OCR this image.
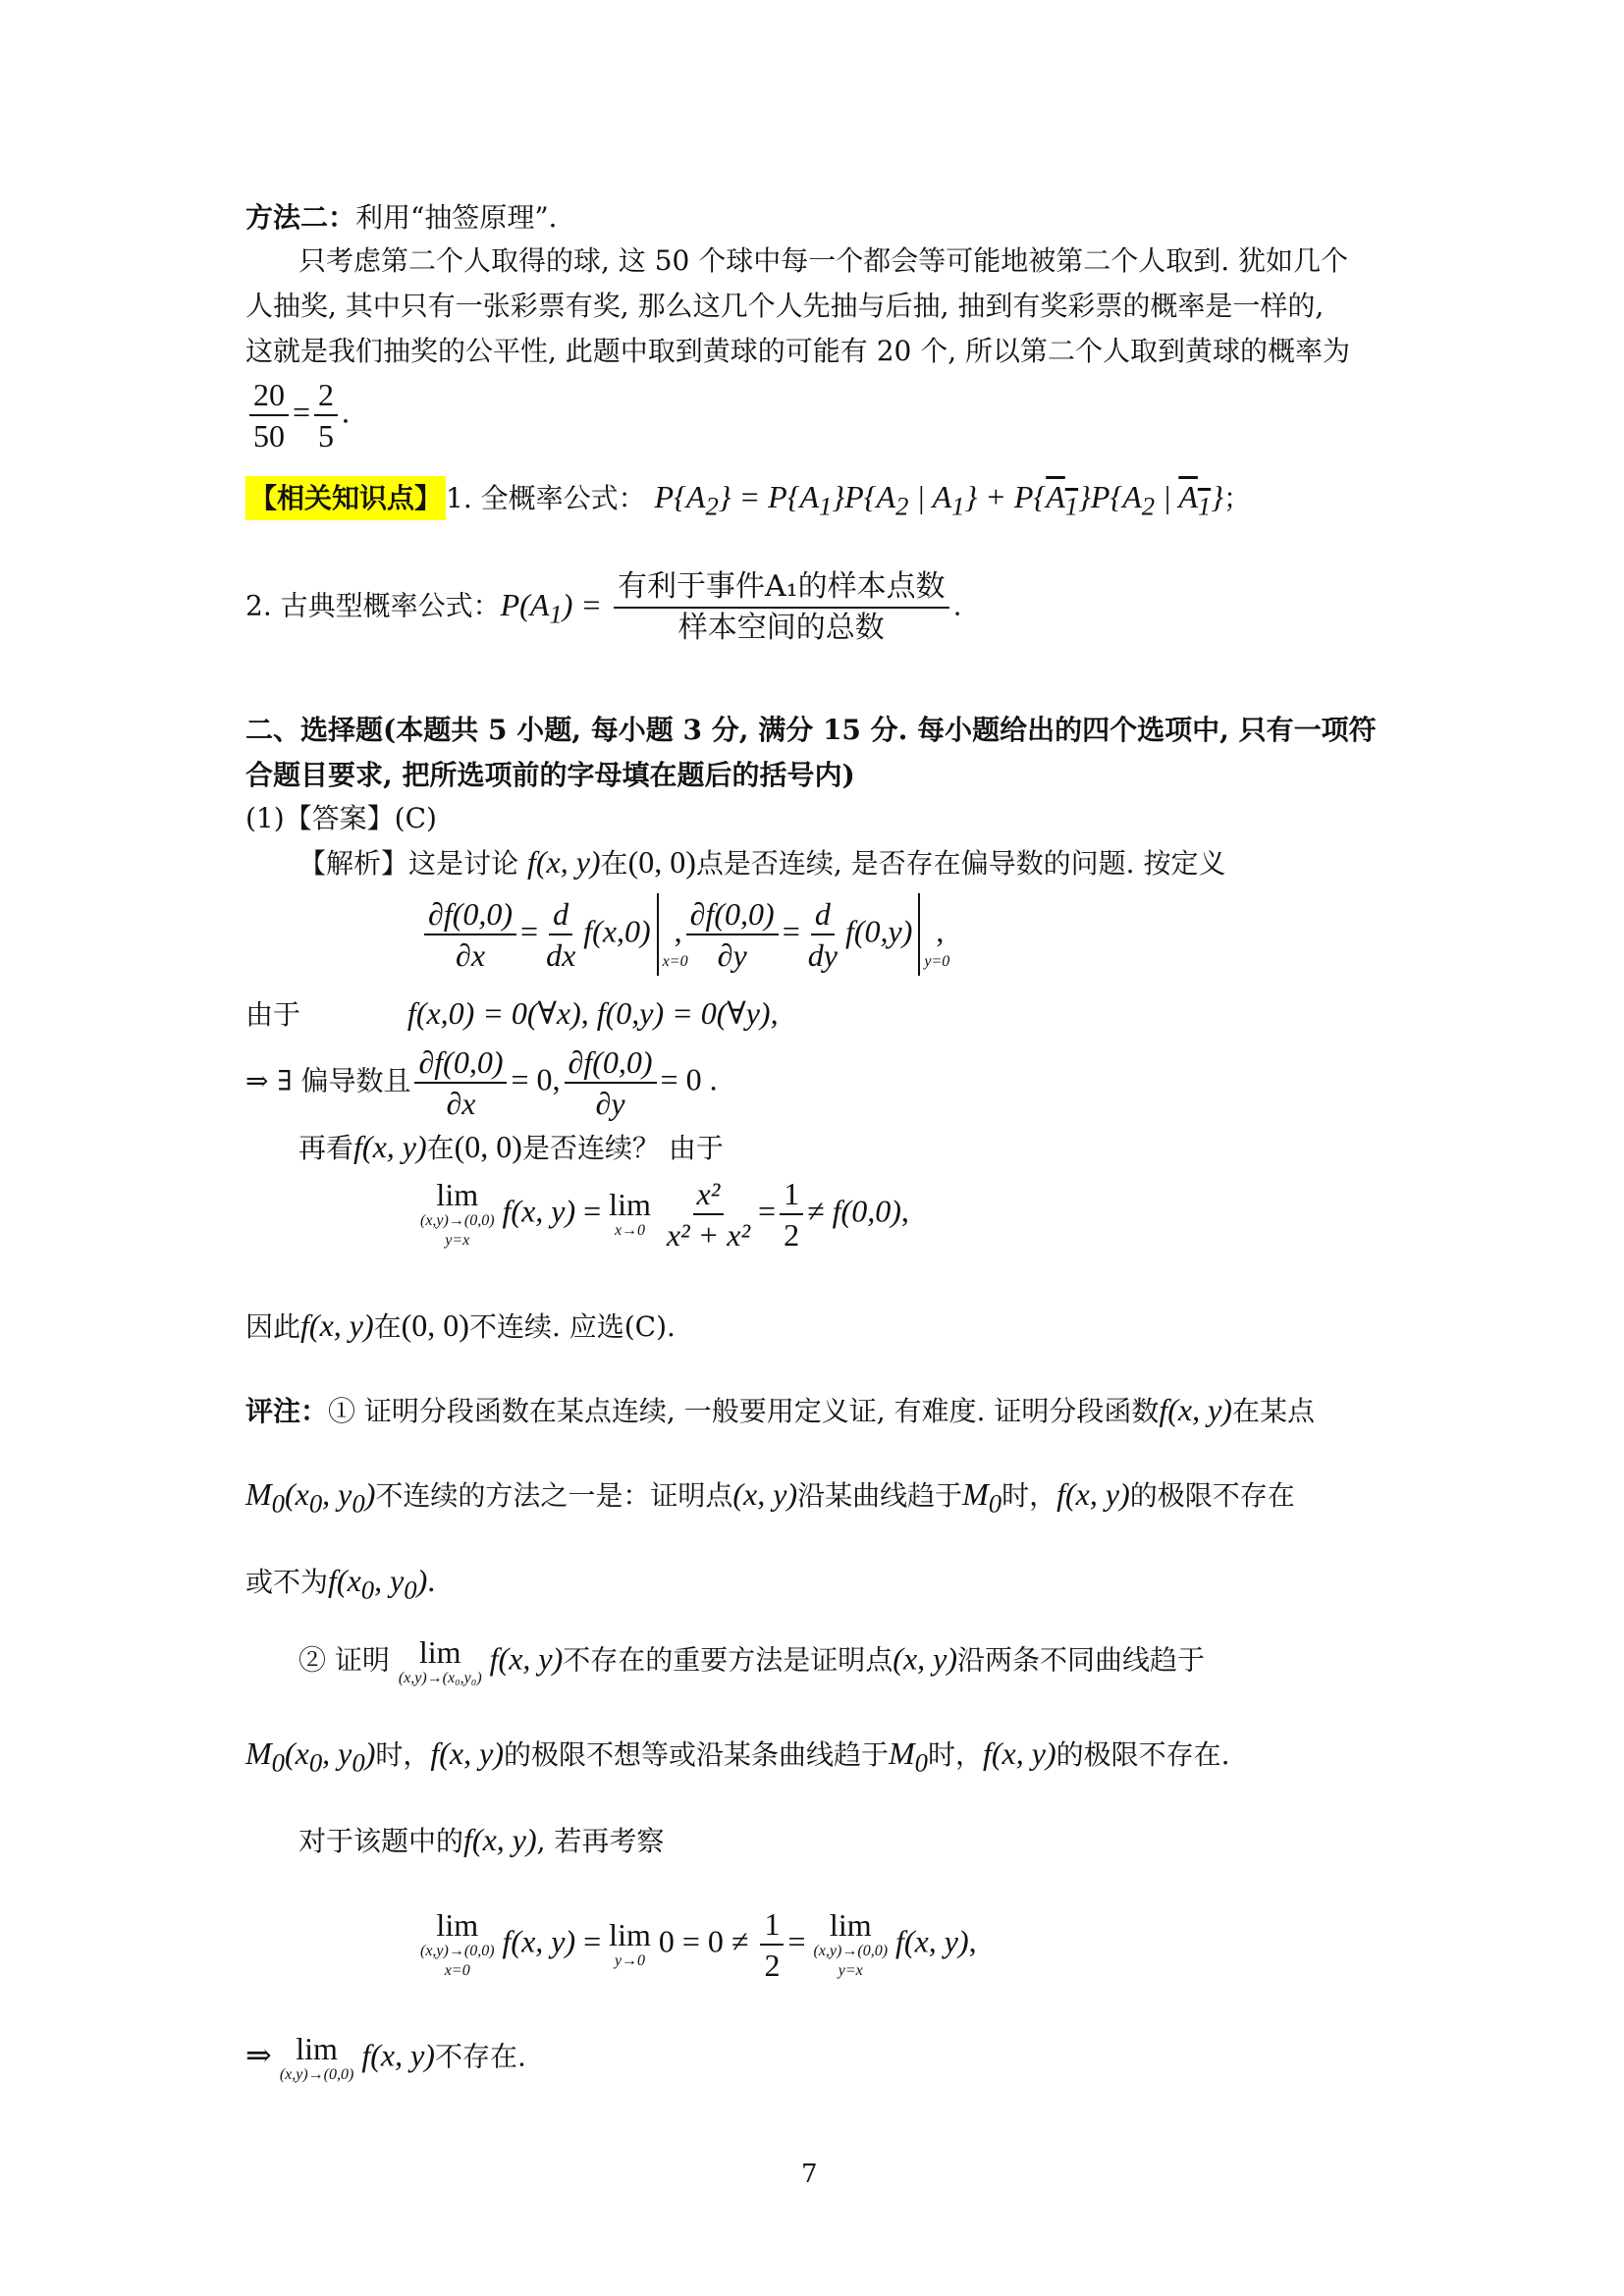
方法二：利用“抽签原理”．
只考虑第二个人取得的球, 这 50 个球中每一个都会等可能地被第二个人取到. 犹如几个
人抽奖, 其中只有一张彩票有奖, 那么这几个人先抽与后抽, 抽到有奖彩票的概率是一样的,
这就是我们抽奖的公平性, 此题中取到黄球的可能有 20 个, 所以第二个人取到黄球的概率为
$\frac{20}{50} = \frac{2}{5}$ .
【相关知识点】 1. 全概率公式： $P\{A_2\} = P\{A_1\}P\{A_2$ | $A_1\} + P\{A_1\}P\{A_2$ | $A_1$}；
2. 古典型概率公式：$P(A_1) = \frac{\text{有利于事件A₁的样本点数}}{\text{样本空间的总数}}$ .
二、选择题(本题共 5 小题, 每小题 3 分, 满分 15 分. 每小题给出的四个选项中, 只有一项符
合题目要求, 把所选项前的字母填在题后的括号内)
(1)【答案】(C)
【解析】这是讨论 f(x, y)在(0, 0)点是否连续, 是否存在偏导数的问题. 按定义
$\frac{\partial f(0,0)}{\partial x} = \frac{d}{dx} f(x,0)$
x=0
, $\frac{\partial f(0,0)}{\partial y} = \frac{d}{dy} f(0,y)$
y=0
,
由于	f(x,0) = 0(∀x), f(0,y) = 0(∀y),
⇒ ∃ 偏导数且 $\frac{\partial f(0,0)}{\partial x} = 0$, $\frac{\partial f(0,0)}{\partial y} = 0$ .
再看f(x, y)在(0, 0)是否连续？ 由于
lim
(x,y)→(0,0)
y=x
f(x, y) = lim
$x\to 0 \frac{\text{x²}}{\text{x² + x²}} = \frac{1}{2} \ne f(0,0)$,
因此f(x, y)在(0, 0)不连续. 应选(C).
评注：① 证明分段函数在某点连续, 一般要用定义证, 有难度. 证明分段函数f(x, y)在某点
$M_0(x_0$, $y_0$)不连续的方法之一是：证明点(x, y)沿某曲线趋于$M_0$时，f(x, y)的极限不存在
或不为$f(x_0$, $y_0$).
② 证明 lim
(x,y)→(x₀,y₀)
f(x, y)不存在的重要方法是证明点(x, y)沿两条不同曲线趋于
$M_0(x_0$, $y_0$)时，f(x, y)的极限不想等或沿某条曲线趋于$M_0$时，f(x, y)的极限不存在.
对于该题中的f(x, y), 若再考察
lim
(x,y)→(0,0)
x=0
f(x, y) = lim
y→0
$0 = 0 \ne \frac{1}{2} = \lim$
(x,y)→(0,0)
y=x
f(x, y),
⇒ lim
(x,y)→(0,0)
f(x, y)不存在.
7
